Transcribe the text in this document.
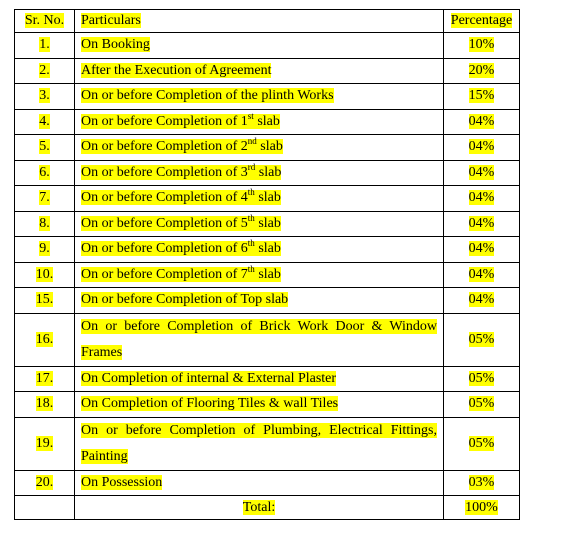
Sr. No.	Particulars	Percentage
1.	On Booking	10%
2.	After the Execution of Agreement	20%
3.	On or before Completion of the plinth Works	15%
4.	On or before Completion of 1st slab	04%
5.	On or before Completion of 2nd slab	04%
6.	On or before Completion of 3rd slab	04%
7.	On or before Completion of 4th slab	04%
8.	On or before Completion of 5th slab	04%
9.	On or before Completion of 6th slab	04%
10.	On or before Completion of 7th slab	04%
15.	On or before Completion of Top slab	04%
16.	On or before Completion of Brick Work Door & Window Frames	05%
17.	On Completion of internal & External Plaster	05%
18.	On Completion of Flooring Tiles & wall Tiles	05%
19.	On or before Completion of Plumbing, Electrical Fittings, Painting	05%
20.	On Possession	03%
	Total:	100%
